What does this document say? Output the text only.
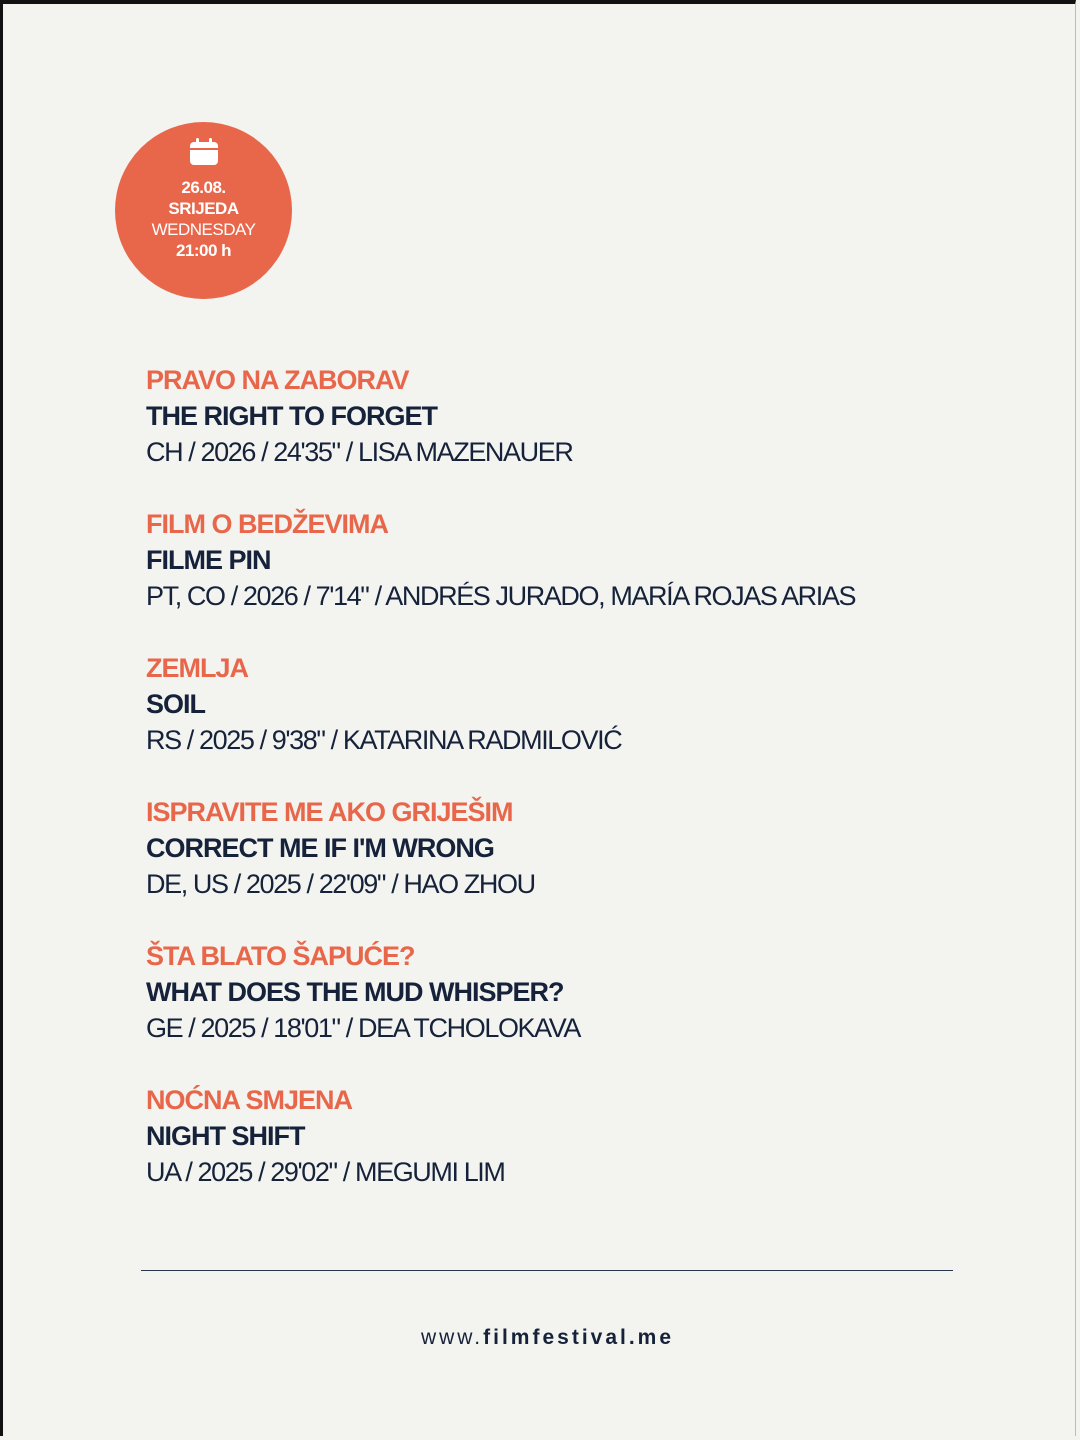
26.08.
SRIJEDA
WEDNESDAY
21:00 h
PRAVO NA ZABORAV
THE RIGHT TO FORGET
CH / 2026 / 24'35" / LISA MAZENAUER
FILM O BEDŽEVIMA
FILME PIN
PT, CO / 2026 / 7'14" / ANDRÉS JURADO, MARÍA ROJAS ARIAS
ZEMLJA
SOIL
RS / 2025 / 9'38" / KATARINA RADMILOVIĆ
ISPRAVITE ME AKO GRIJEŠIM
CORRECT ME IF I'M WRONG
DE, US / 2025 / 22'09" / HAO ZHOU
ŠTA BLATO ŠAPUĆE?
WHAT DOES THE MUD WHISPER?
GE / 2025 / 18'01" / DEA TCHOLOKAVA
NOĆNA SMJENA
NIGHT SHIFT
UA / 2025 / 29'02" / MEGUMI LIM
www.filmfestival.me
